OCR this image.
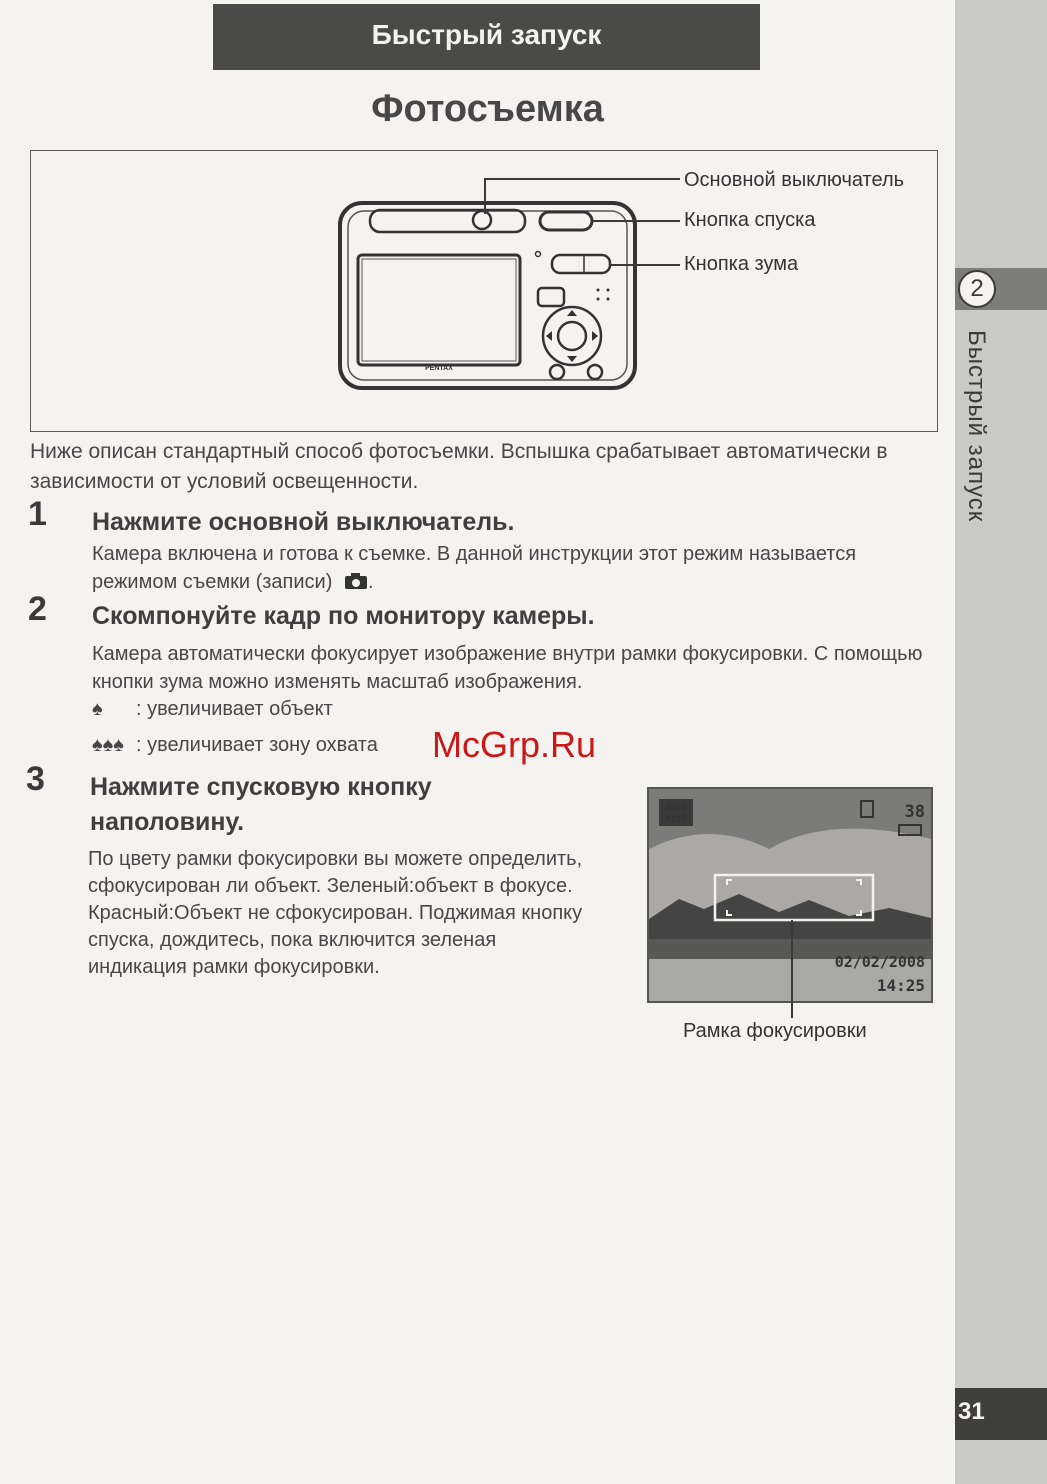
2
Быстрый запуск
31
Быстрый запуск
Фотосъемка
PENTAX
Основной выключатель
Кнопка спуска
Кнопка зума
Ниже описан стандартный способ фотосъемки. Вспышка срабатывает автоматически в зависимости от условий освещенности.
1 Нажмите основной выключатель.
Камера включена и готова к съемке. В данной инструкции этот режим называется режимом съемки (записи) .
2 Скомпонуйте кадр по монитору камеры.
Камера автоматически фокусирует изображение внутри рамки фокусировки. С помощью кнопки зума можно изменять масштаб изображения.
♠ : увеличивает объект
♠♠♠ : увеличивает зону охвата
3 Нажмите спусковую кнопку
наполовину.
По цвету рамки фокусировки вы можете определить, сфокусирован ли объект. Зеленый:объект в фокусе. Красный:Объект не сфокусирован. Поджимая кнопку спуска, дождитесь, пока включится зеленая индикация рамки фокусировки.
AUTO
PICT	38
02/02/2008
14:25
Рамка фокусировки
McGrp.Ru
